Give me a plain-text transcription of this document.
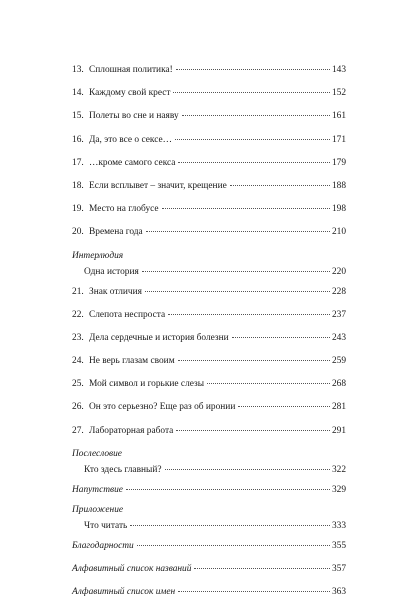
13. Сплошная политика!	143
14. Каждому свой крест	152
15. Полеты во сне и наяву	161
16. Да, это все о сексе…	171
17. …кроме самого секса	179
18. Если всплывет – значит, крещение	188
19. Место на глобусе	198
20. Времена года	210
Интерлюдия
Одна история	220
21. Знак отличия	228
22. Слепота неспроста	237
23. Дела сердечные и история болезни	243
24. Не верь глазам своим	259
25. Мой символ и горькие слезы	268
26. Он это серьезно? Еще раз об иронии	281
27. Лабораторная работа	291
Послесловие
Кто здесь главный?	322
Напутствие	329
Приложение
Что читать	333
Благодарности	355
Алфавитный список названий	357
Алфавитный список имен	363
